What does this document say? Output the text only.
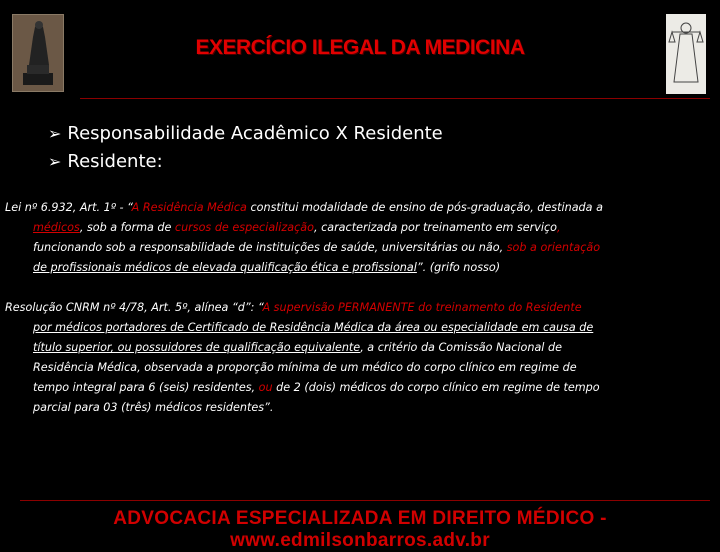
EXERCÍCIO ILEGAL DA MEDICINA
➢ Responsabilidade Acadêmico X Residente
➢ Residente:
Lei nº 6.932, Art. 1º - “A Residência Médica constitui modalidade de ensino de pós-graduação, destinada a
médicos, sob a forma de cursos de especialização, caracterizada por treinamento em serviço,
funcionando sob a responsabilidade de instituições de saúde, universitárias ou não, sob a orientação
de profissionais médicos de elevada qualificação ética e profissional”. (grifo nosso)
Resolução CNRM nº 4/78, Art. 5º, alínea “d”: “A supervisão PERMANENTE do treinamento do Residente
por médicos portadores de Certificado de Residência Médica da área ou especialidade em causa de
título superior, ou possuidores de qualificação equivalente, a critério da Comissão Nacional de
Residência Médica, observada a proporção mínima de um médico do corpo clínico em regime de
tempo integral para 6 (seis) residentes, ou de 2 (dois) médicos do corpo clínico em regime de tempo
parcial para 03 (três) médicos residentes”.
ADVOCACIA ESPECIALIZADA EM DIREITO MÉDICO - www.edmilsonbarros.adv.br
